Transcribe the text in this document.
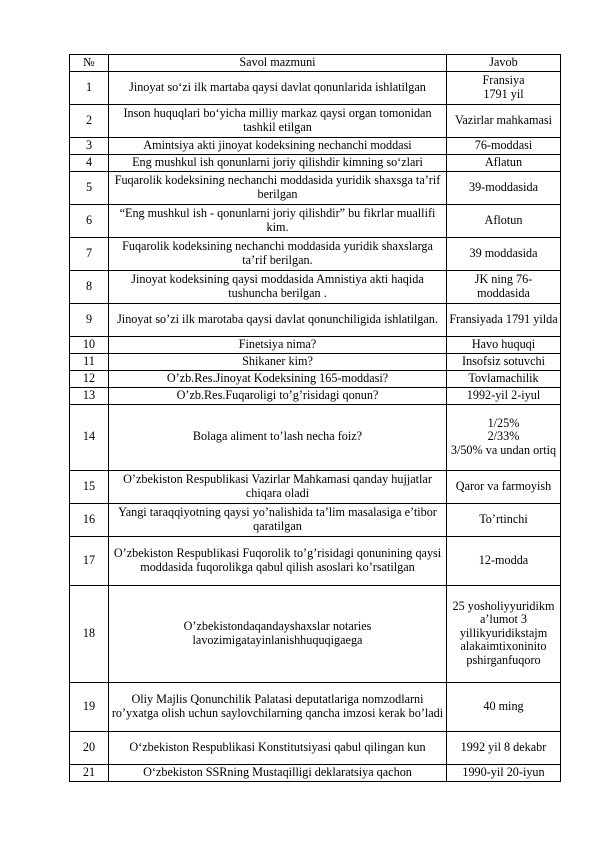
№	Savol mazmuni	Javob
1	Jinoyat so‘zi ilk martaba qaysi davlat qonunlarida ishlatilgan	Fransiya
1791 yil
2	Inson huquqlari bo‘yicha milliy markaz qaysi organ tomonidan tashkil etilgan	Vazirlar mahkamasi
3	Amintsiya akti jinoyat kodeksining nechanchi moddasi	76-moddasi
4	Eng mushkul ish qonunlarni joriy qilishdir kimning so‘zlari	Aflatun
5	Fuqarolik kodeksining nechanchi moddasida yuridik shaxsga ta’rif berilgan	39-moddasida
6	“Eng mushkul ish - qonunlarni joriy qilishdir” bu fikrlar muallifi kim.	Aflotun
7	Fuqarolik kodeksining nechanchi moddasida yuridik shaxslarga ta’rif berilgan.	39 moddasida
8	Jinoyat kodeksining qaysi moddasida Amnistiya akti haqida tushuncha berilgan .	JK ning 76-moddasida
9	Jinoyat so’zi ilk marotaba qaysi davlat qonunchiligida ishlatilgan.	Fransiyada 1791 yilda
10	Finetsiya nima?	Havo huquqi
11	Shikaner kim?	Insofsiz sotuvchi
12	O’zb.Res.Jinoyat Kodeksining 165-moddasi?	Tovlamachilik
13	O’zb.Res.Fuqaroligi to’g’risidagi qonun?	1992-yil 2-iyul
14	Bolaga aliment to’lash necha foiz?	1/25%
2/33%
3/50% va undan ortiq
15	O’zbekiston Respublikasi Vazirlar Mahkamasi qanday hujjatlar chiqara oladi	Qaror va farmoyish
16	Yangi taraqqiyotning qaysi yo’nalishida ta’lim masalasiga e’tibor qaratilgan	To’rtinchi
17	O’zbekiston Respublikasi Fuqorolik to’g’risidagi qonunining qaysi moddasida fuqorolikga qabul qilish asoslari ko’rsatilgan	12-modda
18	O’zbekistondaqandayshaxslar notaries lavozimigatayinlanishhuquqigaega	25 yosholiyyuridikm a’lumot 3 yillikyuridikstajm alakaimtixoninito pshirganfuqoro
19	Oliy Majlis Qonunchilik Palatasi deputatlariga nomzodlarni ro’yxatga olish uchun saylovchilarning qancha imzosi kerak bo’ladi	40 ming
20	O‘zbekiston Respublikasi Konstitutsiyasi qabul qilingan kun	1992 yil 8 dekabr
21	O‘zbekiston SSRning Mustaqilligi deklaratsiya qachon	1990-yil 20-iyun
